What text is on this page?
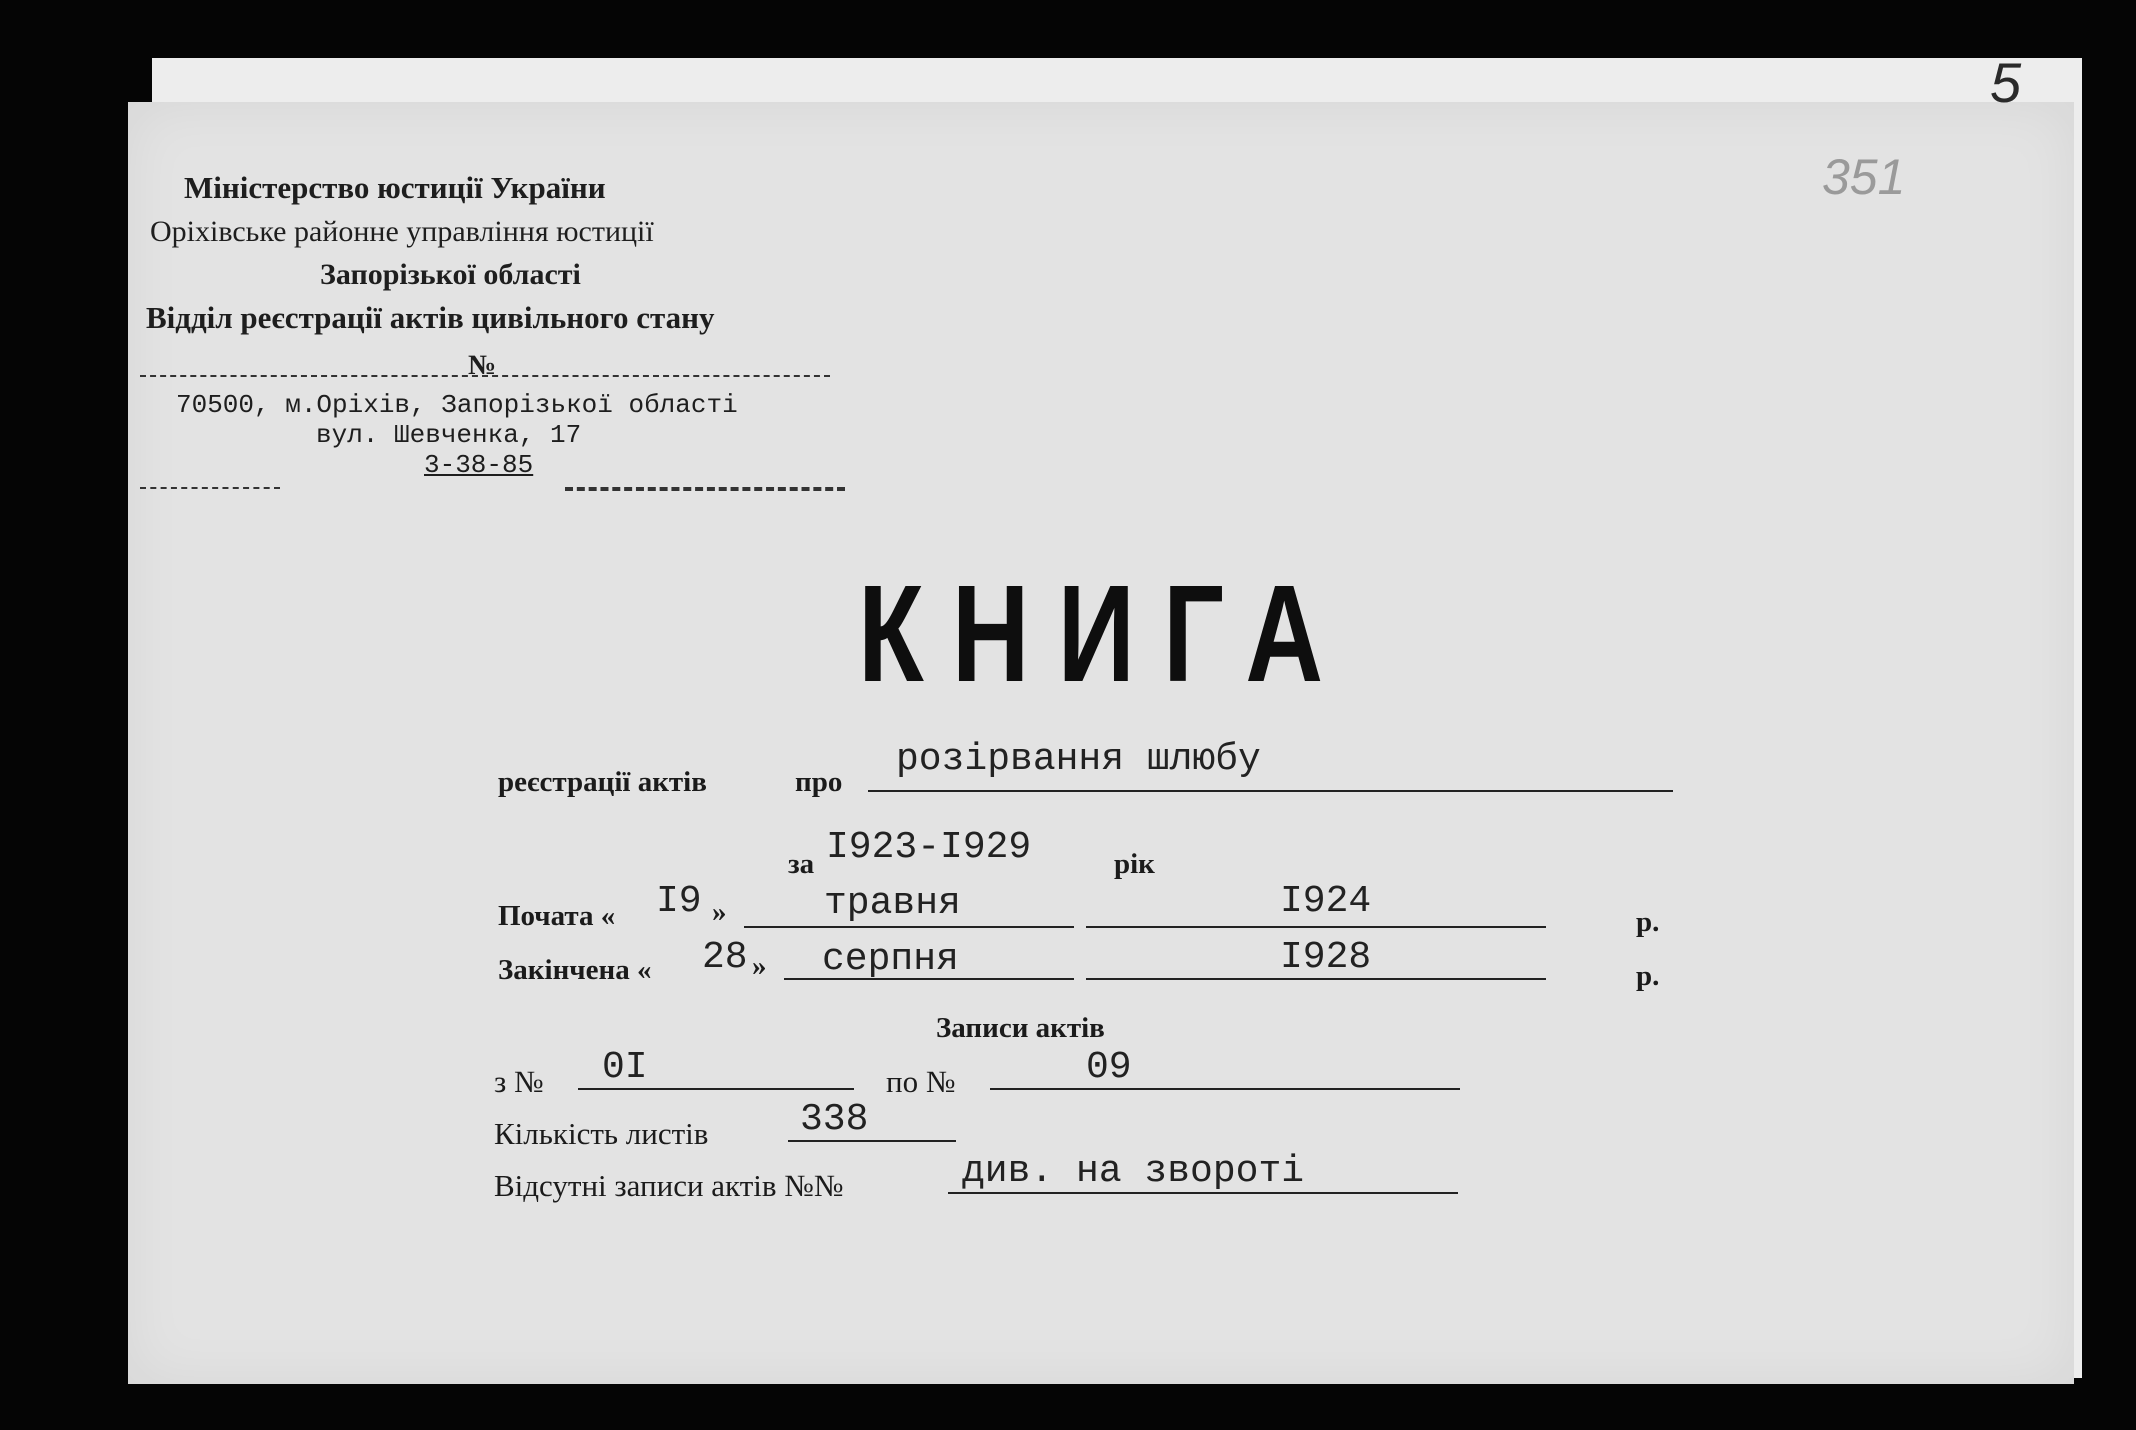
5
351
Міністерство юстиції України
Оріхівське районне управління юстиції
Запорізької області
Відділ реєстрації актів цивільного стану
№
70500, м.Оріхів, Запорізької області
вул. Шевченка, 17
3-38-85
КНИГА
реєстрації актів	про
розірвання шлюбу
за I923-I929	рік
Почата « I9 »	травня	I924	р.
Закінчена « 28 » серпня	I928	р.
Записи актів
з № 0I	по №	09
Кількість листів 338
Відсутні записи актів №№	див. на звороті
